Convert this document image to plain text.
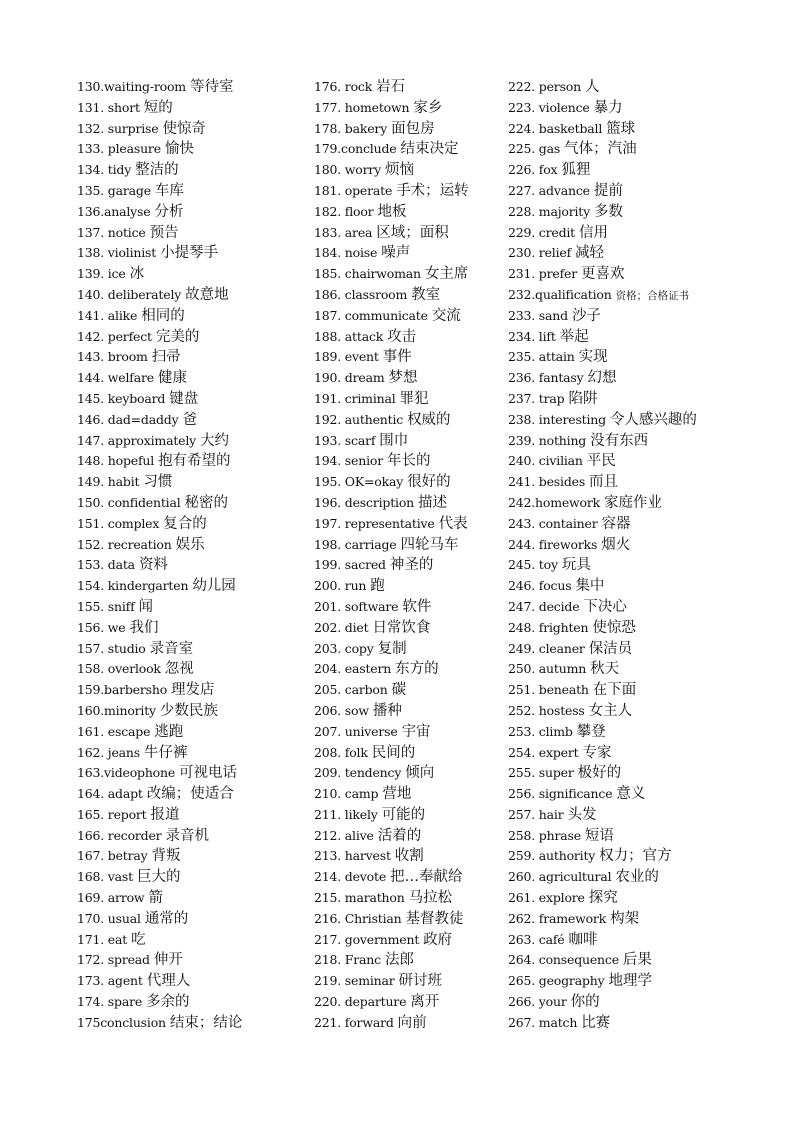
130.waiting-room 等待室
131. short 短的
132. surprise 使惊奇
133. pleasure 愉快
134. tidy 整洁的
135. garage 车库
136.analyse 分析
137. notice 预告
138. violinist 小提琴手
139. ice 冰
140. deliberately 故意地
141. alike 相同的
142. perfect 完美的
143. broom 扫帚
144. welfare 健康
145. keyboard 键盘
146. dad=daddy 爸
147. approximately 大约
148. hopeful 抱有希望的
149. habit 习惯
150. confidential 秘密的
151. complex 复合的
152. recreation 娱乐
153. data 资料
154. kindergarten 幼儿园
155. sniff 闻
156. we 我们
157. studio 录音室
158. overlook 忽视
159.barbersho 理发店
160.minority 少数民族
161. escape 逃跑
162. jeans 牛仔裤
163.videophone 可视电话
164. adapt 改编；使适合
165. report 报道
166. recorder 录音机
167. betray 背叛
168. vast 巨大的
169. arrow 箭
170. usual 通常的
171. eat 吃
172. spread 伸开
173. agent 代理人
174. spare 多余的
175conclusion 结束；结论
176. rock 岩石
177. hometown 家乡
178. bakery 面包房
179.conclude 结束决定
180. worry 烦恼
181. operate 手术；运转
182. floor 地板
183. area 区域；面积
184. noise 噪声
185. chairwoman 女主席
186. classroom 教室
187. communicate 交流
188. attack 攻击
189. event 事件
190. dream 梦想
191. criminal 罪犯
192. authentic 权威的
193. scarf 围巾
194. senior 年长的
195. OK=okay 很好的
196. description 描述
197. representative 代表
198. carriage 四轮马车
199. sacred 神圣的
200. run 跑
201. software 软件
202. diet 日常饮食
203. copy 复制
204. eastern 东方的
205. carbon 碳
206. sow 播种
207. universe 宇宙
208. folk 民间的
209. tendency 倾向
210. camp 营地
211. likely 可能的
212. alive 活着的
213. harvest 收割
214. devote 把…奉献给
215. marathon 马拉松
216. Christian 基督教徒
217. government 政府
218. Franc 法郎
219. seminar 研讨班
220. departure 离开
221. forward 向前
222. person 人
223. violence 暴力
224. basketball 篮球
225. gas 气体；汽油
226. fox 狐狸
227. advance 提前
228. majority 多数
229. credit 信用
230. relief 减轻
231. prefer 更喜欢
232.qualification 资格；合格证书
233. sand 沙子
234. lift 举起
235. attain 实现
236. fantasy 幻想
237. trap 陷阱
238. interesting 令人感兴趣的
239. nothing 没有东西
240. civilian 平民
241. besides 而且
242.homework 家庭作业
243. container 容器
244. fireworks 烟火
245. toy 玩具
246. focus 集中
247. decide 下决心
248. frighten 使惊恐
249. cleaner 保洁员
250. autumn 秋天
251. beneath 在下面
252. hostess 女主人
253. climb 攀登
254. expert 专家
255. super 极好的
256. significance 意义
257. hair 头发
258. phrase 短语
259. authority 权力；官方
260. agricultural 农业的
261. explore 探究
262. framework 构架
263. café 咖啡
264. consequence 后果
265. geography 地理学
266. your 你的
267. match 比赛
